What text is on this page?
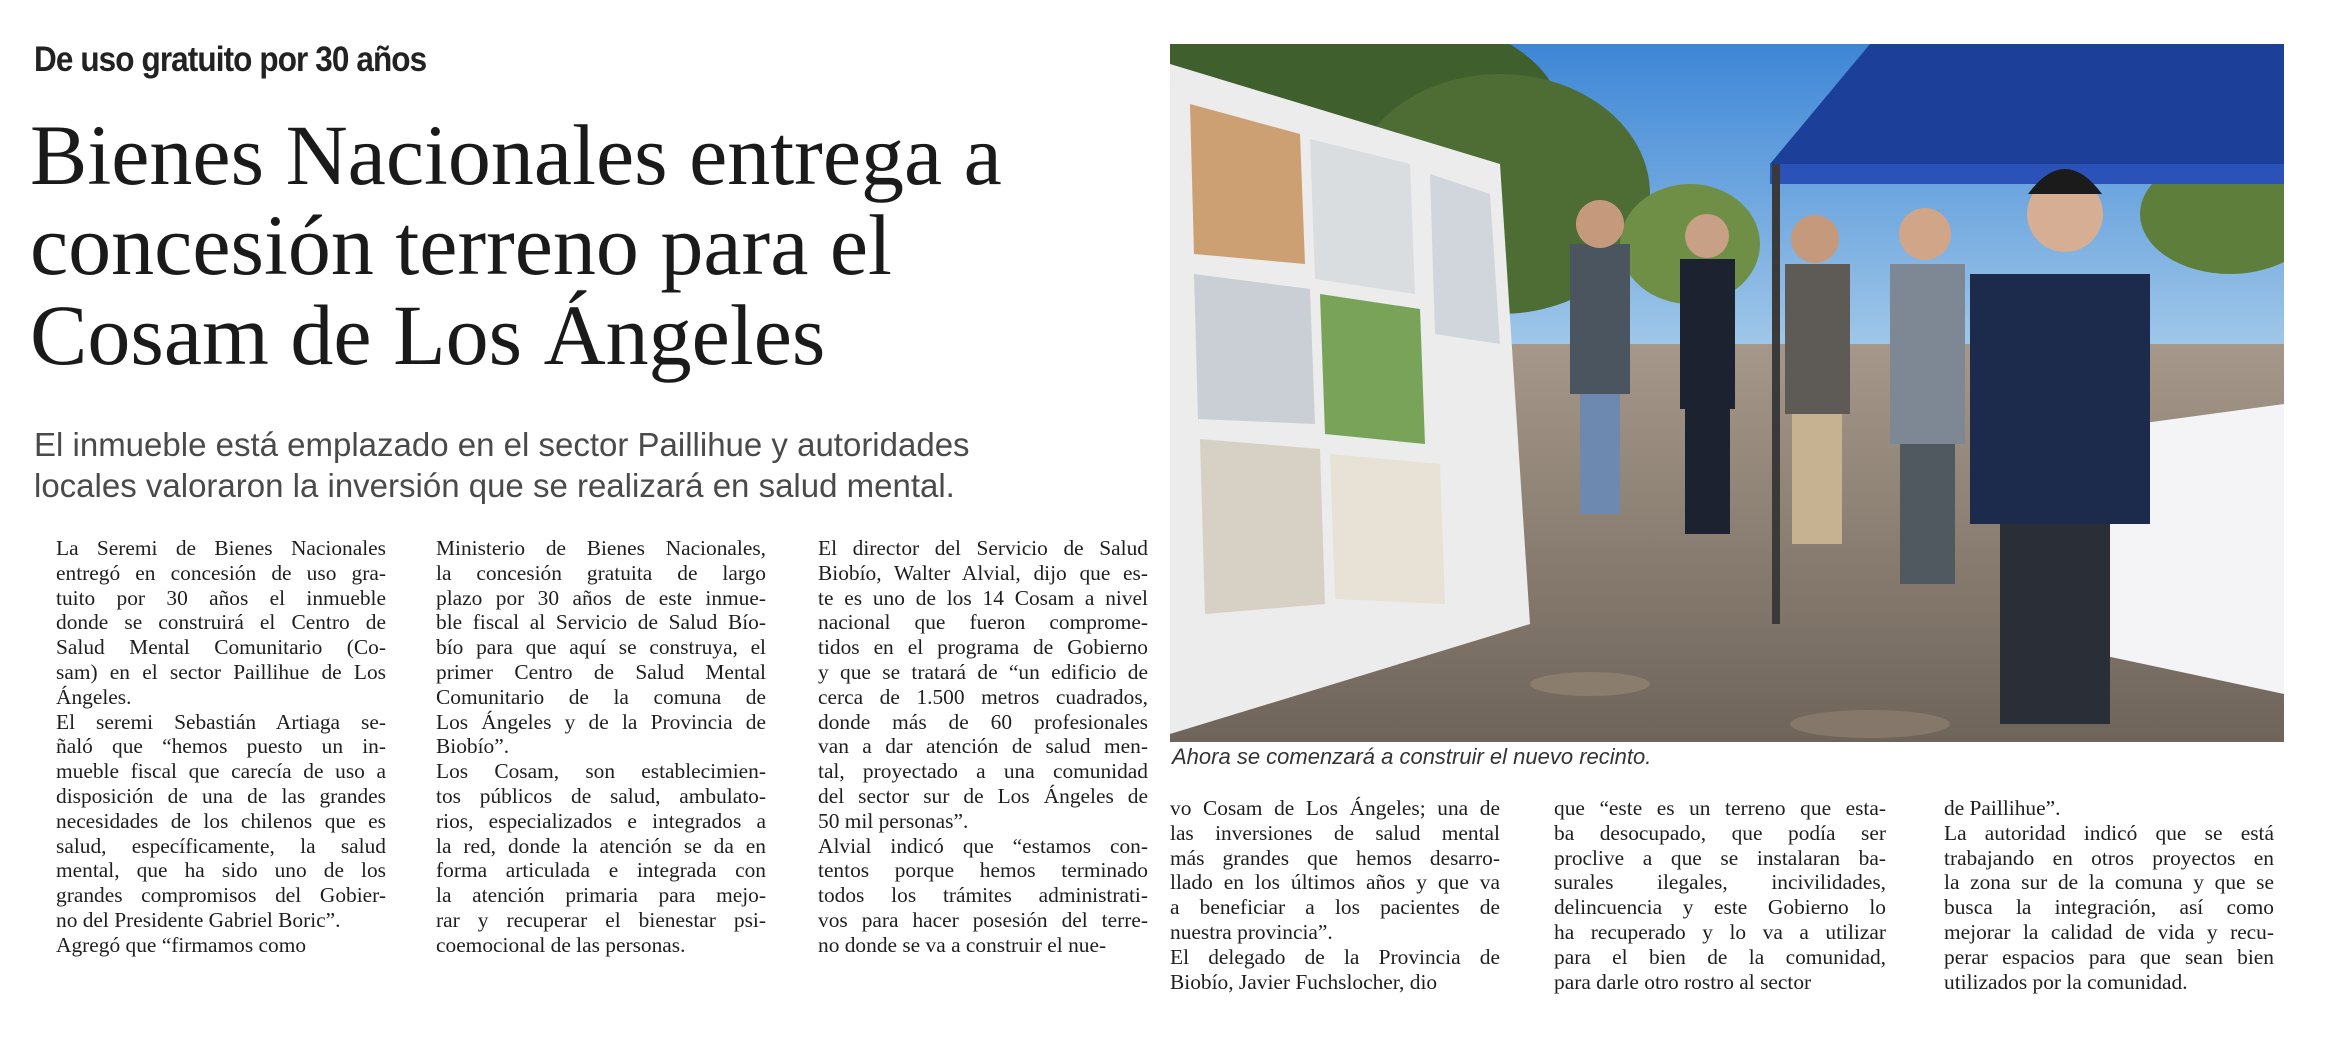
De uso gratuito por 30 años
Bienes Nacionales entrega a
concesión terreno para el
Cosam de Los Ángeles
El inmueble está emplazado en el sector Paillihue y autoridades
locales valoraron la inversión que se realizará en salud mental.

La Seremi de Bienes Nacionales
entregó en concesión de uso gra-
tuito por 30 años el inmueble
donde se construirá el Centro de
Salud Mental Comunitario (Co-
sam) en el sector Paillihue de Los
Ángeles.

El seremi Sebastián Artiaga se-
ñaló que “hemos puesto un in-
mueble fiscal que carecía de uso a
disposición de una de las grandes
necesidades de los chilenos que es
salud, específicamente, la salud
mental, que ha sido uno de los
grandes compromisos del Gobier-
no del Presidente Gabriel Boric”.

Agregó que “firmamos como

Ministerio de Bienes Nacionales,
la concesión gratuita de largo
plazo por 30 años de este inmue-
ble fiscal al Servicio de Salud Bío-
bío para que aquí se construya, el
primer Centro de Salud Mental
Comunitario de la comuna de
Los Ángeles y de la Provincia de
Biobío”.

Los Cosam, son establecimien-
tos públicos de salud, ambulato-
rios, especializados e integrados a
la red, donde la atención se da en
forma articulada e integrada con
la atención primaria para mejo-
rar y recuperar el bienestar psi-
coemocional de las personas.

El director del Servicio de Salud
Biobío, Walter Alvial, dijo que es-
te es uno de los 14 Cosam a nivel
nacional que fueron comprome-
tidos en el programa de Gobierno
y que se tratará de “un edificio de
cerca de 1.500 metros cuadrados,
donde más de 60 profesionales
van a dar atención de salud men-
tal, proyectado a una comunidad
del sector sur de Los Ángeles de
50 mil personas”.

Alvial indicó que “estamos con-
tentos porque hemos terminado
todos los trámites administrati-
vos para hacer posesión del terre-
no donde se va a construir el nue-

vo Cosam de Los Ángeles; una de
las inversiones de salud mental
más grandes que hemos desarro-
llado en los últimos años y que va
a beneficiar a los pacientes de
nuestra provincia”.

El delegado de la Provincia de
Biobío, Javier Fuchslocher, dio

que “este es un terreno que esta-
ba desocupado, que podía ser
proclive a que se instalaran ba-
surales ilegales, incivilidades,
delincuencia y este Gobierno lo
ha recuperado y lo va a utilizar
para el bien de la comunidad,
para darle otro rostro al sector

de Paillihue”.

La autoridad indicó que se está
trabajando en otros proyectos en
la zona sur de la comuna y que se
busca la integración, así como
mejorar la calidad de vida y recu-
perar espacios para que sean bien
utilizados por la comunidad.

Ahora se comenzará a construir el nuevo recinto.
